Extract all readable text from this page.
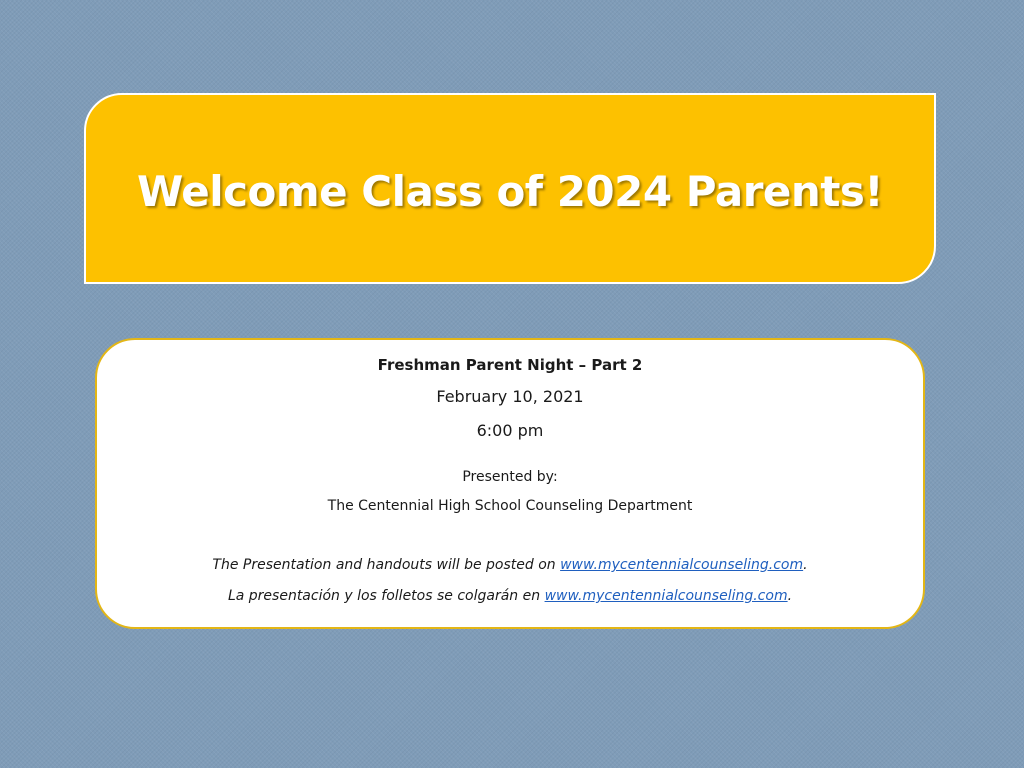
Welcome Class of 2024 Parents!
Freshman Parent Night – Part 2
February 10, 2021
6:00 pm
Presented by:
The Centennial High School Counseling Department
The Presentation and handouts will be posted on www.mycentennialcounseling.com.
La presentación y los folletos se colgarán en www.mycentennialcounseling.com.
